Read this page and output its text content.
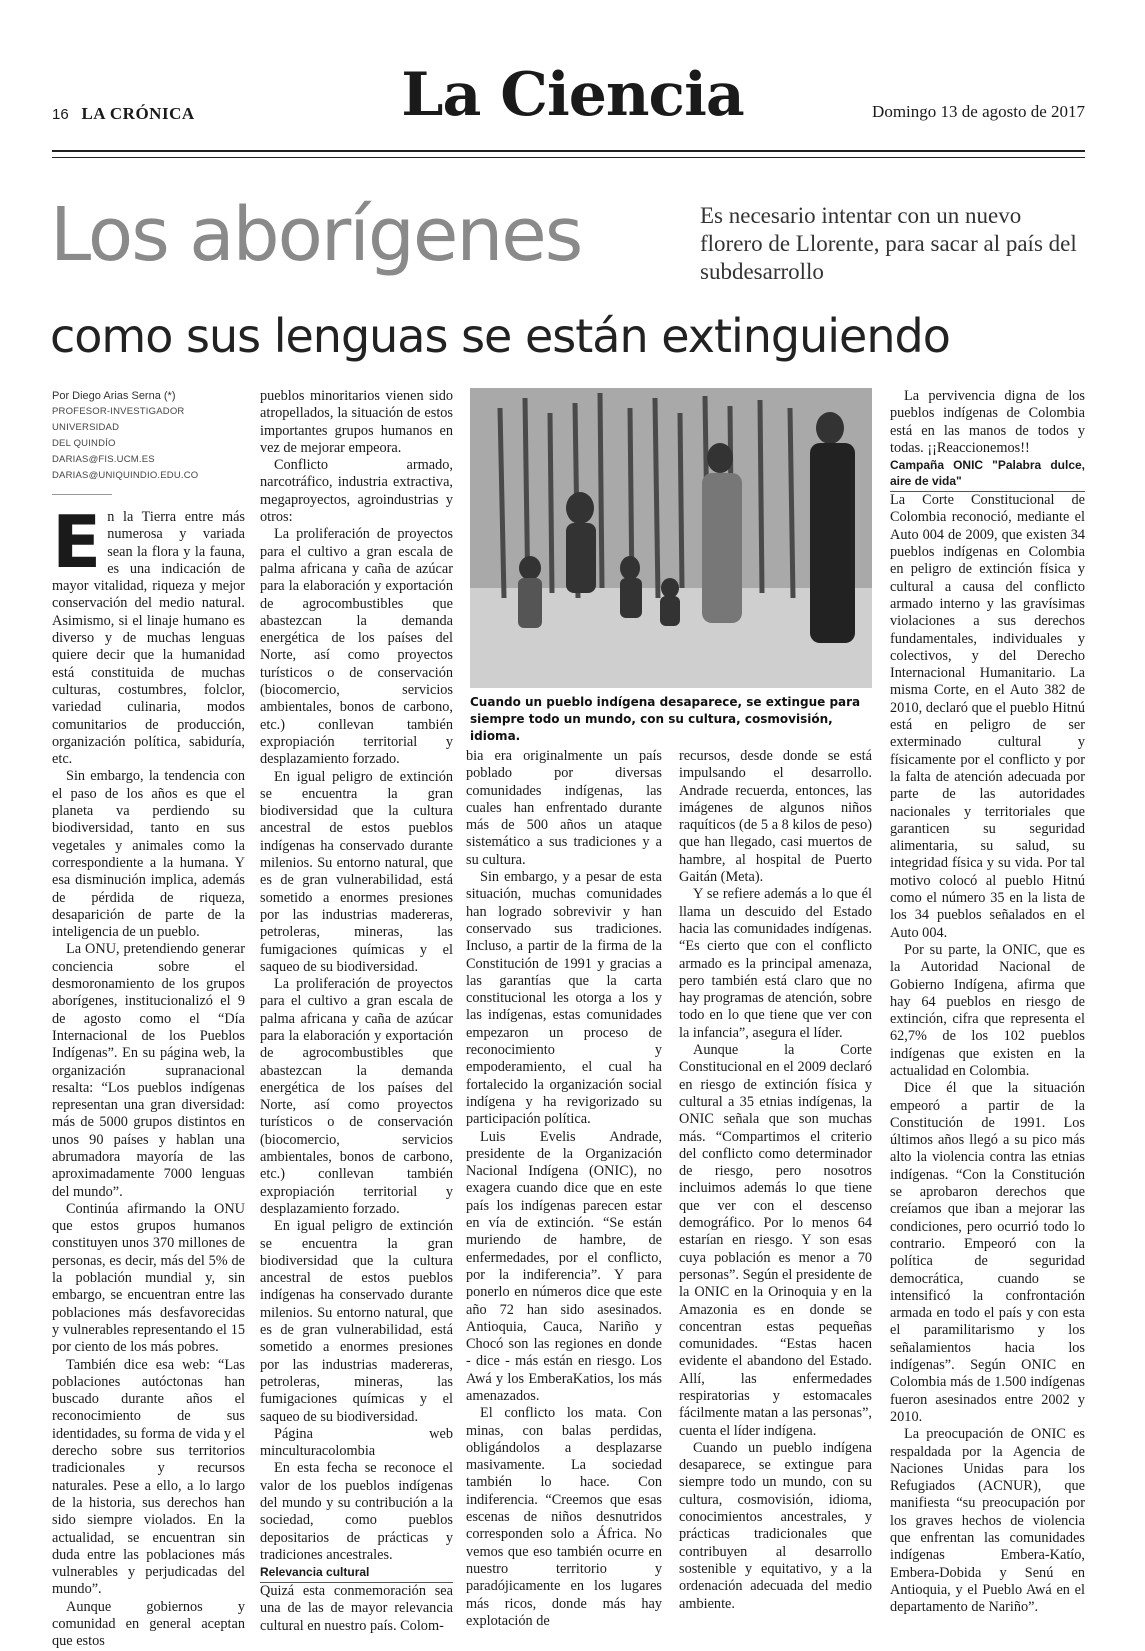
16 LA CRÓNICA	La Ciencia	Domingo 13 de agosto de 2017
Los aborígenes	Es necesario intentar con un nuevo florero de Llorente, para sacar al país del subdesarrollo
como sus lenguas se están extinguiendo
Por Diego Arias Serna (*)
PROFESOR-INVESTIGADOR UNIVERSIDAD
DEL QUINDÍO
DARIAS@FIS.UCM.ES
DARIAS@UNIQUINDIO.EDU.CO

En la Tierra entre más numerosa y variada sean la flora y la fauna, es una indicación de mayor vitalidad, riqueza y mejor conservación del medio natural. Asimismo, si el linaje humano es diverso y de muchas lenguas quiere decir que la humanidad está constituida de muchas culturas, costumbres, folclor, variedad culinaria, modos comunitarios de producción, organización política, sabiduría, etc.

Sin embargo, la tendencia con el paso de los años es que el planeta va perdiendo su biodiversidad, tanto en sus vegetales y animales como la correspondiente a la humana. Y esa disminución implica, además de pérdida de riqueza, desaparición de parte de la inteligencia de un pueblo.

La ONU, pretendiendo generar conciencia sobre el desmoronamiento de los grupos aborígenes, institucionalizó el 9 de agosto como el “Día Internacional de los Pueblos Indígenas”. En su página web, la organización supranacional resalta: “Los pueblos indígenas representan una gran diversidad: más de 5000 grupos distintos en unos 90 países y hablan una abrumadora mayoría de las aproximadamente 7000 lenguas del mundo”.

Continúa afirmando la ONU que estos grupos humanos constituyen unos 370 millones de personas, es decir, más del 5% de la población mundial y, sin embargo, se encuentran entre las poblaciones más desfavorecidas y vulnerables representando el 15 por ciento de los más pobres.

También dice esa web: “Las poblaciones autóctonas han buscado durante años el reconocimiento de sus identidades, su forma de vida y el derecho sobre sus territorios tradicionales y recursos naturales. Pese a ello, a lo largo de la historia, sus derechos han sido siempre violados. En la actualidad, se encuentran sin duda entre las poblaciones más vulnerables y perjudicadas del mundo”.

Aunque gobiernos y comunidad en general aceptan que estos

pueblos minoritarios vienen sido atropellados, la situación de estos importantes grupos humanos en vez de mejorar empeora.

Conflicto armado, narcotráfico, industria extractiva, megaproyectos, agroindustrias y otros:

La proliferación de proyectos para el cultivo a gran escala de palma africana y caña de azúcar para la elaboración y exportación de agrocombustibles que abastezcan la demanda energética de los países del Norte, así como proyectos turísticos o de conservación (biocomercio, servicios ambientales, bonos de carbono, etc.) conllevan también expropiación territorial y desplazamiento forzado.

En igual peligro de extinción se encuentra la gran biodiversidad que la cultura ancestral de estos pueblos indígenas ha conservado durante milenios. Su entorno natural, que es de gran vulnerabilidad, está sometido a enormes presiones por las industrias madereras, petroleras, mineras, las fumigaciones químicas y el saqueo de su biodiversidad.

La proliferación de proyectos para el cultivo a gran escala de palma africana y caña de azúcar para la elaboración y exportación de agrocombustibles que abastezcan la demanda energética de los países del Norte, así como proyectos turísticos o de conservación (biocomercio, servicios ambientales, bonos de carbono, etc.) conllevan también expropiación territorial y desplazamiento forzado.

En igual peligro de extinción se encuentra la gran biodiversidad que la cultura ancestral de estos pueblos indígenas ha conservado durante milenios. Su entorno natural, que es de gran vulnerabilidad, está sometido a enormes presiones por las industrias madereras, petroleras, mineras, las fumigaciones químicas y el saqueo de su biodiversidad.

Página web minculturacolombia

En esta fecha se reconoce el valor de los pueblos indígenas del mundo y su contribución a la sociedad, como pueblos depositarios de prácticas y tradiciones ancestrales.

Relevancia cultural

Quizá esta conmemoración sea una de las de mayor relevancia cultural en nuestro país. Colom-

Cuando un pueblo indígena desaparece, se extingue para siempre todo un mundo, con su cultura, cosmovisión, idioma.

bia era originalmente un país poblado por diversas comunidades indígenas, las cuales han enfrentado durante más de 500 años un ataque sistemático a sus tradiciones y a su cultura.

Sin embargo, y a pesar de esta situación, muchas comunidades han logrado sobrevivir y han conservado sus tradiciones. Incluso, a partir de la firma de la Constitución de 1991 y gracias a las garantías que la carta constitucional les otorga a los y las indígenas, estas comunidades empezaron un proceso de reconocimiento y empoderamiento, el cual ha fortalecido la organización social indígena y ha revigorizado su participación política.

Luis Evelis Andrade, presidente de la Organización Nacional Indígena (ONIC), no exagera cuando dice que en este país los indígenas parecen estar en vía de extinción. “Se están muriendo de hambre, de enfermedades, por el conflicto, por la indiferencia”. Y para ponerlo en números dice que este año 72 han sido asesinados. Antioquia, Cauca, Nariño y Chocó son las regiones en donde - dice - más están en riesgo. Los Awá y los EmberaKatios, los más amenazados.

El conflicto los mata. Con minas, con balas perdidas, obligándolos a desplazarse masivamente. La sociedad también lo hace. Con indiferencia. “Creemos que esas escenas de niños desnutridos corresponden solo a África. No vemos que eso también ocurre en nuestro territorio y paradójicamente en los lugares más ricos, donde más hay explotación de

recursos, desde donde se está impulsando el desarrollo. Andrade recuerda, entonces, las imágenes de algunos niños raquíticos (de 5 a 8 kilos de peso) que han llegado, casi muertos de hambre, al hospital de Puerto Gaitán (Meta).

Y se refiere además a lo que él llama un descuido del Estado hacia las comunidades indígenas. “Es cierto que con el conflicto armado es la principal amenaza, pero también está claro que no hay programas de atención, sobre todo en lo que tiene que ver con la infancia”, asegura el líder.

Aunque la Corte Constitucional en el 2009 declaró en riesgo de extinción física y cultural a 35 etnias indígenas, la ONIC señala que son muchas más. “Compartimos el criterio del conflicto como determinador de riesgo, pero nosotros incluimos además lo que tiene que ver con el descenso demográfico. Por lo menos 64 estarían en riesgo. Y son esas cuya población es menor a 70 personas”. Según el presidente de la ONIC en la Orinoquia y en la Amazonia es en donde se concentran estas pequeñas comunidades. “Estas hacen evidente el abandono del Estado. Allí, las enfermedades respiratorias y estomacales fácilmente matan a las personas”, cuenta el líder indígena.

Cuando un pueblo indígena desaparece, se extingue para siempre todo un mundo, con su cultura, cosmovisión, idioma, conocimientos ancestrales, y prácticas tradicionales que contribuyen al desarrollo sostenible y equitativo, y a la ordenación adecuada del medio ambiente.

La pervivencia digna de los pueblos indígenas de Colombia está en las manos de todos y todas. ¡¡Reaccionemos!!

Campaña ONIC "Palabra dulce, aire de vida"

La Corte Constitucional de Colombia reconoció, mediante el Auto 004 de 2009, que existen 34 pueblos indígenas en Colombia en peligro de extinción física y cultural a causa del conflicto armado interno y las gravísimas violaciones a sus derechos fundamentales, individuales y colectivos, y del Derecho Internacional Humanitario. La misma Corte, en el Auto 382 de 2010, declaró que el pueblo Hitnú está en peligro de ser exterminado cultural y físicamente por el conflicto y por la falta de atención adecuada por parte de las autoridades nacionales y territoriales que garanticen su seguridad alimentaria, su salud, su integridad física y su vida. Por tal motivo colocó al pueblo Hitnú como el número 35 en la lista de los 34 pueblos señalados en el Auto 004.

Por su parte, la ONIC, que es la Autoridad Nacional de Gobierno Indígena, afirma que hay 64 pueblos en riesgo de extinción, cifra que representa el 62,7% de los 102 pueblos indígenas que existen en la actualidad en Colombia.

Dice él que la situación empeoró a partir de la Constitución de 1991. Los últimos años llegó a su pico más alto la violencia contra las etnias indígenas. “Con la Constitución se aprobaron derechos que creíamos que iban a mejorar las condiciones, pero ocurrió todo lo contrario. Empeoró con la política de seguridad democrática, cuando se intensificó la confrontación armada en todo el país y con esta el paramilitarismo y los señalamientos hacia los indígenas”. Según ONIC en Colombia más de 1.500 indígenas fueron asesinados entre 2002 y 2010.

La preocupación de ONIC es respaldada por la Agencia de Naciones Unidas para los Refugiados (ACNUR), que manifiesta “su preocupación por los graves hechos de violencia que enfrentan las comunidades indígenas Embera-Katío, Embera-Dobida y Senú en Antioquia, y el Pueblo Awá en el departamento de Nariño”.
